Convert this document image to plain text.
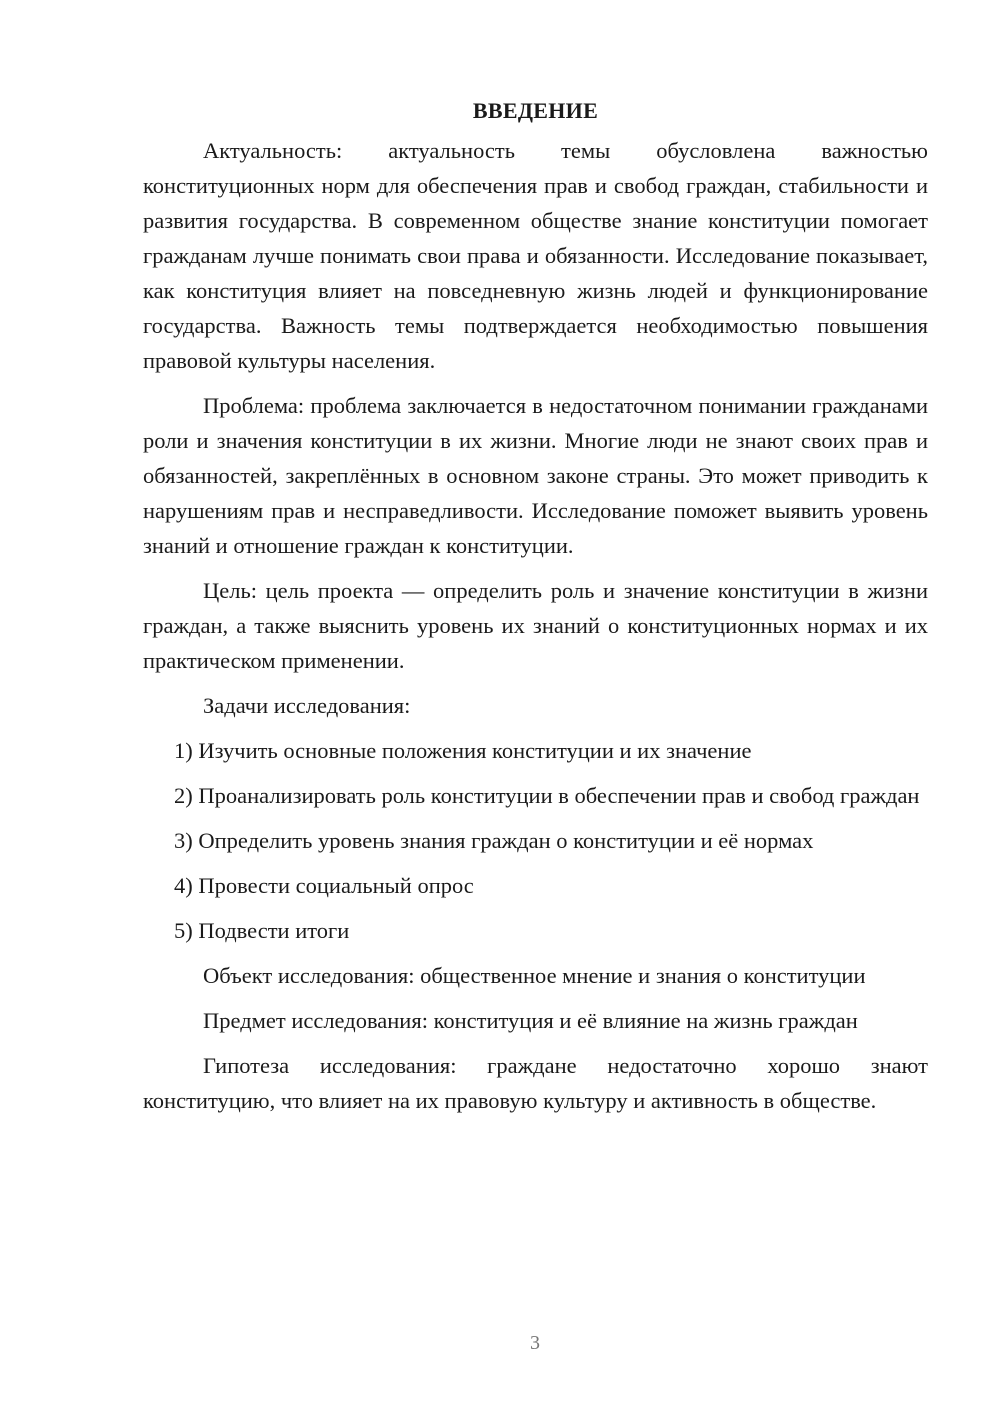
ВВЕДЕНИЕ

Актуальность: актуальность темы обусловлена важностью конституционных норм для обеспечения прав и свобод граждан, стабильности и развития государства. В современном обществе знание конституции помогает гражданам лучше понимать свои права и обязанности. Исследование показывает, как конституция влияет на повседневную жизнь людей и функционирование государства. Важность темы подтверждается необходимостью повышения правовой культуры населения.

Проблема: проблема заключается в недостаточном понимании гражданами роли и значения конституции в их жизни. Многие люди не знают своих прав и обязанностей, закреплённых в основном законе страны. Это может приводить к нарушениям прав и несправедливости. Исследование поможет выявить уровень знаний и отношение граждан к конституции.

Цель: цель проекта — определить роль и значение конституции в жизни граждан, а также выяснить уровень их знаний о конституционных нормах и их практическом применении.

Задачи исследования:

1) Изучить основные положения конституции и их значение

2) Проанализировать роль конституции в обеспечении прав и свобод граждан

3) Определить уровень знания граждан о конституции и её нормах

4) Провести социальный опрос

5) Подвести итоги

Объект исследования: общественное мнение и знания о конституции

Предмет исследования: конституция и её влияние на жизнь граждан

Гипотеза исследования: граждане недостаточно хорошо знают конституцию, что влияет на их правовую культуру и активность в обществе.

3
